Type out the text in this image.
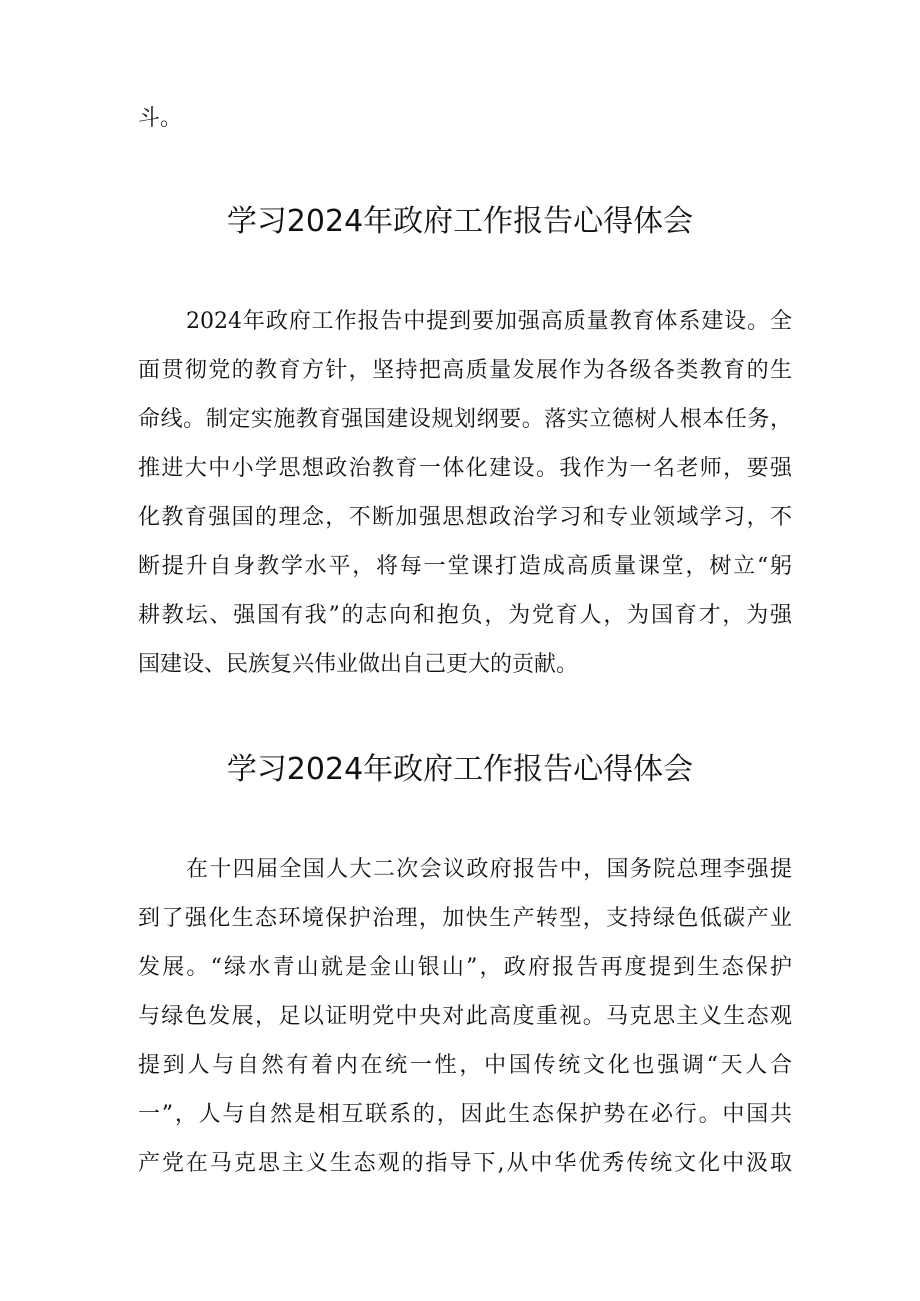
斗。

学习2024年政府工作报告心得体会

2024年政府工作报告中提到要加强高质量教育体系建设。全

面贯彻党的教育方针，坚持把高质量发展作为各级各类教育的生

命线。制定实施教育强国建设规划纲要。落实立德树人根本任务，

推进大中小学思想政治教育一体化建设。我作为一名老师，要强

化教育强国的理念，不断加强思想政治学习和专业领域学习，不

断提升自身教学水平，将每一堂课打造成高质量课堂，树立“躬

耕教坛、强国有我”的志向和抱负，为党育人，为国育才，为强

国建设、民族复兴伟业做出自己更大的贡献。

学习2024年政府工作报告心得体会

在十四届全国人大二次会议政府报告中，国务院总理李强提

到了强化生态环境保护治理，加快生产转型，支持绿色低碳产业

发展。“绿水青山就是金山银山”，政府报告再度提到生态保护

与绿色发展，足以证明党中央对此高度重视。马克思主义生态观

提到人与自然有着内在统一性，中国传统文化也强调“天人合

一”，人与自然是相互联系的，因此生态保护势在必行。中国共

产党在马克思主义生态观的指导下,从中华优秀传统文化中汲取
